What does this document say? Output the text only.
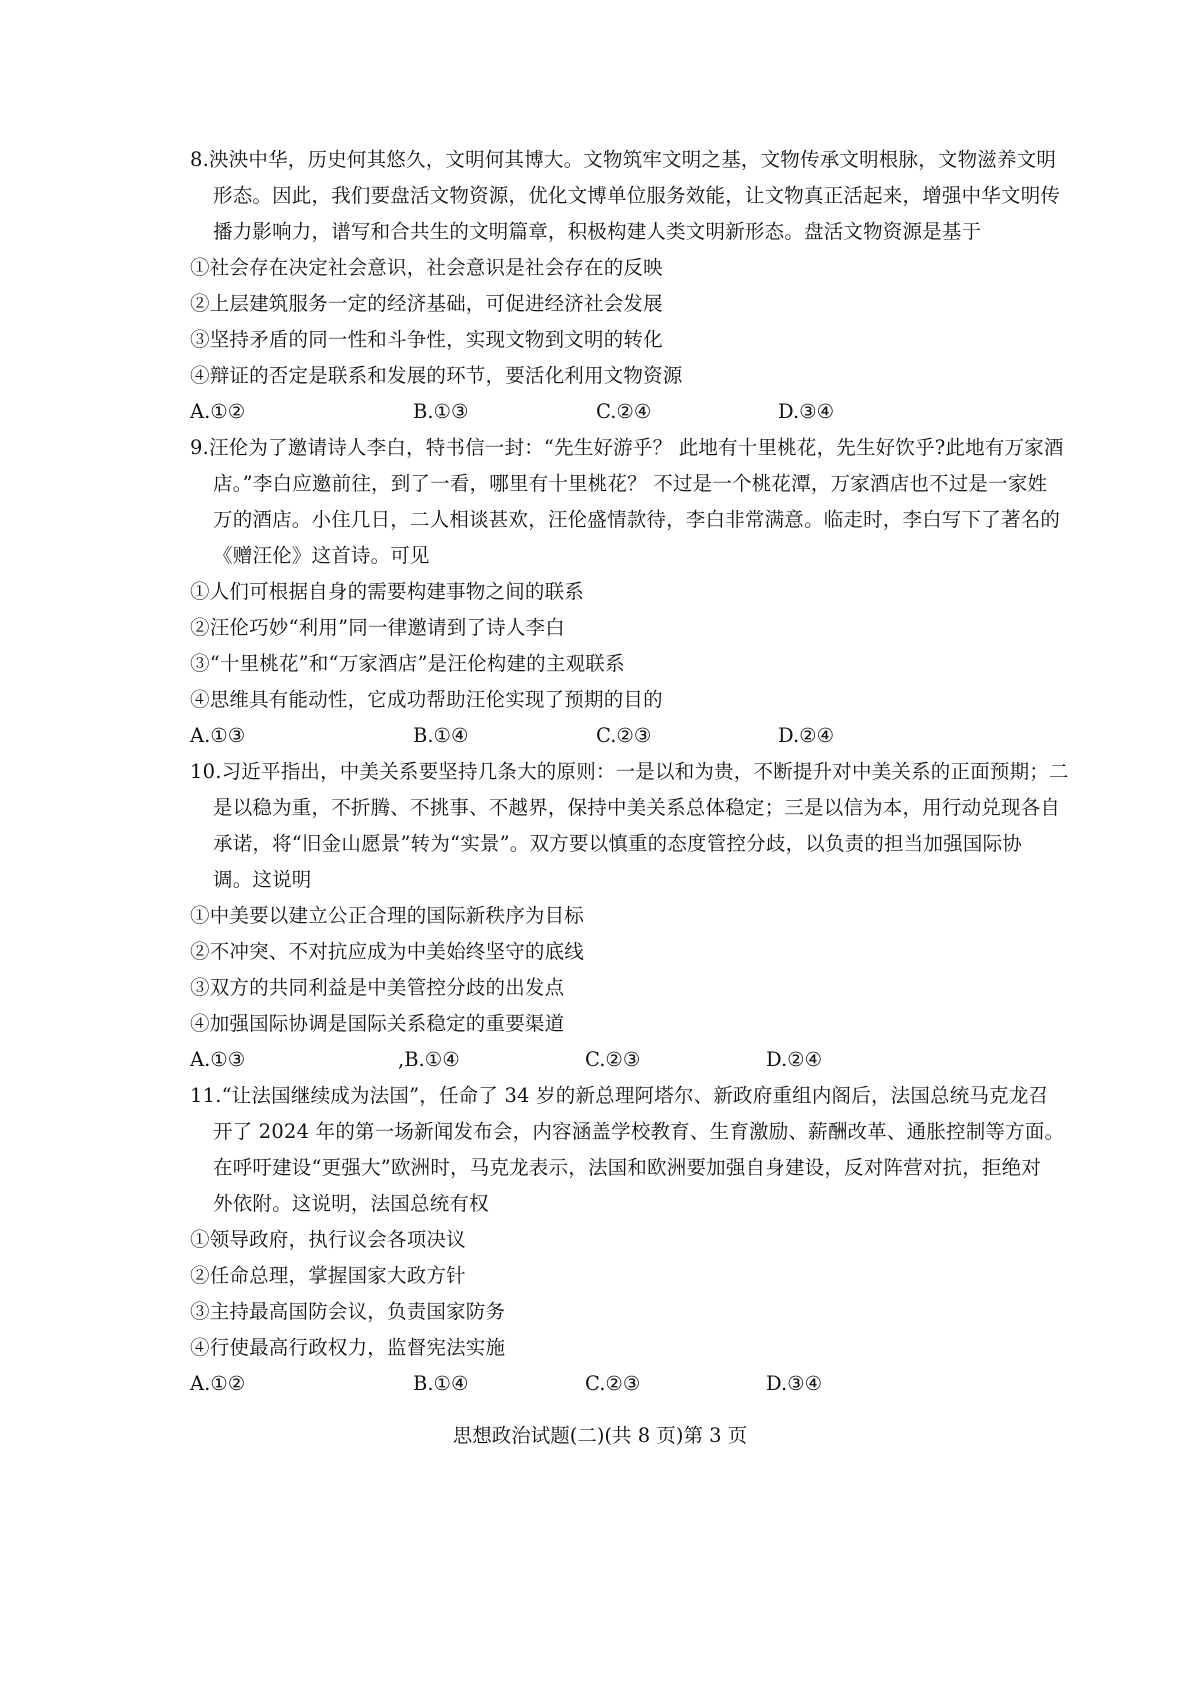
8.泱泱中华，历史何其悠久，文明何其博大。文物筑牢文明之基，文物传承文明根脉，文物滋养文明
形态。因此，我们要盘活文物资源，优化文博单位服务效能，让文物真正活起来，增强中华文明传
播力影响力，谱写和合共生的文明篇章，积极构建人类文明新形态。盘活文物资源是基于
①社会存在决定社会意识，社会意识是社会存在的反映
②上层建筑服务一定的经济基础，可促进经济社会发展
③坚持矛盾的同一性和斗争性，实现文物到文明的转化
④辩证的否定是联系和发展的环节，要活化利用文物资源
A.①②	B.①③	C.②④	D.③④
9.汪伦为了邀请诗人李白，特书信一封：“先生好游乎？ 此地有十里桃花，先生好饮乎?此地有万家酒
店。”李白应邀前往，到了一看，哪里有十里桃花？ 不过是一个桃花潭，万家酒店也不过是一家姓
万的酒店。小住几日，二人相谈甚欢，汪伦盛情款待，李白非常满意。临走时，李白写下了著名的
《赠汪伦》这首诗。可见
①人们可根据自身的需要构建事物之间的联系
②汪伦巧妙“利用”同一律邀请到了诗人李白
③“十里桃花”和“万家酒店”是汪伦构建的主观联系
④思维具有能动性，它成功帮助汪伦实现了预期的目的
A.①③	B.①④	C.②③	D.②④
10.习近平指出，中美关系要坚持几条大的原则：一是以和为贵，不断提升对中美关系的正面预期；二
是以稳为重，不折腾、不挑事、不越界，保持中美关系总体稳定；三是以信为本，用行动兑现各自
承诺，将“旧金山愿景”转为“实景”。双方要以慎重的态度管控分歧，以负责的担当加强国际协
调。这说明
①中美要以建立公正合理的国际新秩序为目标
②不冲突、不对抗应成为中美始终坚守的底线
③双方的共同利益是中美管控分歧的出发点
④加强国际协调是国际关系稳定的重要渠道
A.①③	,B.①④	C.②③	D.②④
11.“让法国继续成为法国”，任命了 34 岁的新总理阿塔尔、新政府重组内阁后，法国总统马克龙召
开了 2024 年的第一场新闻发布会，内容涵盖学校教育、生育激励、薪酬改革、通胀控制等方面。
在呼吁建设“更强大”欧洲时，马克龙表示，法国和欧洲要加强自身建设，反对阵营对抗，拒绝对
外依附。这说明，法国总统有权
①领导政府，执行议会各项决议
②任命总理，掌握国家大政方针
③主持最高国防会议，负责国家防务
④行使最高行政权力，监督宪法实施
A.①②	B.①④	C.②③	D.③④
思想政治试题(二)(共 8 页)第 3 页
